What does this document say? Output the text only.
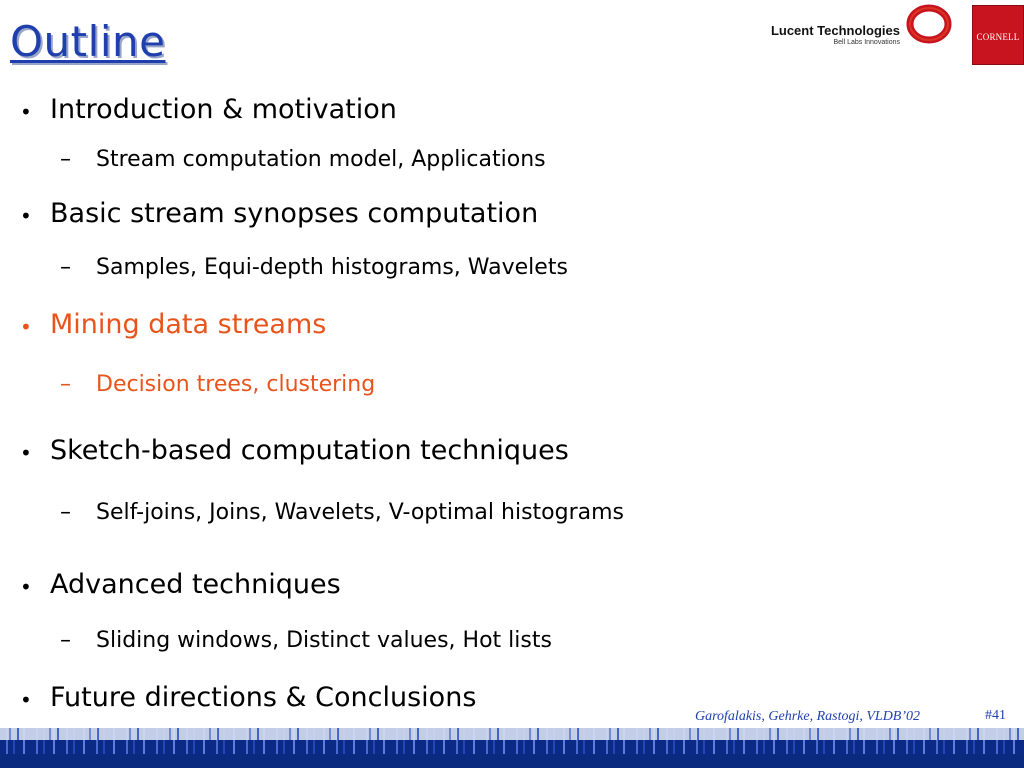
Outline	Lucent Technologies
Bell Labs Innovations
CORNELL
• Introduction & motivation
– Stream computation model, Applications
• Basic stream synopses computation
– Samples, Equi-depth histograms, Wavelets
• Mining data streams
– Decision trees, clustering
• Sketch-based computation techniques
– Self-joins, Joins, Wavelets, V-optimal histograms
• Advanced techniques
– Sliding windows, Distinct values, Hot lists
• Future directions & Conclusions
Garofalakis, Gehrke, Rastogi, VLDB’02	#41
